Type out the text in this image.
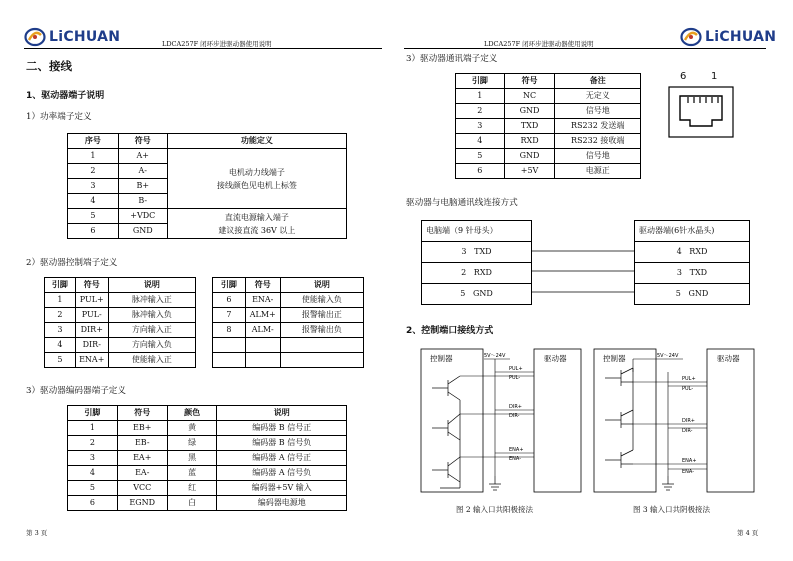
LiCHUAN	LDCA257F 闭环步进驱动器使用说明
二、接线
1、驱动器端子说明
1）功率端子定义
序号	符号	功能定义
1	A+	电机动力线端子
接线颜色见电机上标签

2	A-	
3	B+	
4	B-	
5	+VDC	直流电源输入端子
建议接直流 36V 以上

6	GND	
2）驱动器控制端子定义
引脚	符号	说明
1	PUL+	脉冲输入正
2	PUL-	脉冲输入负
3	DIR+	方向输入正
4	DIR-	方向输入负
5	ENA+	使能输入正
引脚	符号	说明
6	ENA-	使能输入负
7	ALM+	报警输出正
8	ALM-	报警输出负

3）驱动器编码器端子定义
引脚	符号	颜色	说明
1	EB+	黄	编码器 B 信号正
2	EB-	绿	编码器 B 信号负
3	EA+	黑	编码器 A 信号正
4	EA-	蓝	编码器 A 信号负
5	VCC	红	编码器+5V 输入
6	EGND	白	编码器电源地
第 3 页
LDCA257F 闭环步进驱动器使用说明	LiCHUAN
3）驱动器通讯端子定义
引脚	符号	备注
1	NC	无定义
2	GND	信号地
3	TXD	RS232 发送端
4	RXD	RS232 接收端
5	GND	信号地
6	+5V	电源正
6 1
驱动器与电脑通讯线连接方式
电脑端（9 针母头）
3 TXD
2 RXD
5 GND
驱动器端(6针水晶头)
4 RXD
3 TXD
5 GND
2、控制端口接线方式
控制器	驱动器
5V～24V
PUL+
PUL-
DIR+
DIR-
ENA+
ENA-
图 2 输入口共阳极接法
控制器	驱动器
5V～24V
PUL+
PUL-
DIR+
DIR-
ENA+
ENA-
图 3 输入口共阴极接法
第 4 页
